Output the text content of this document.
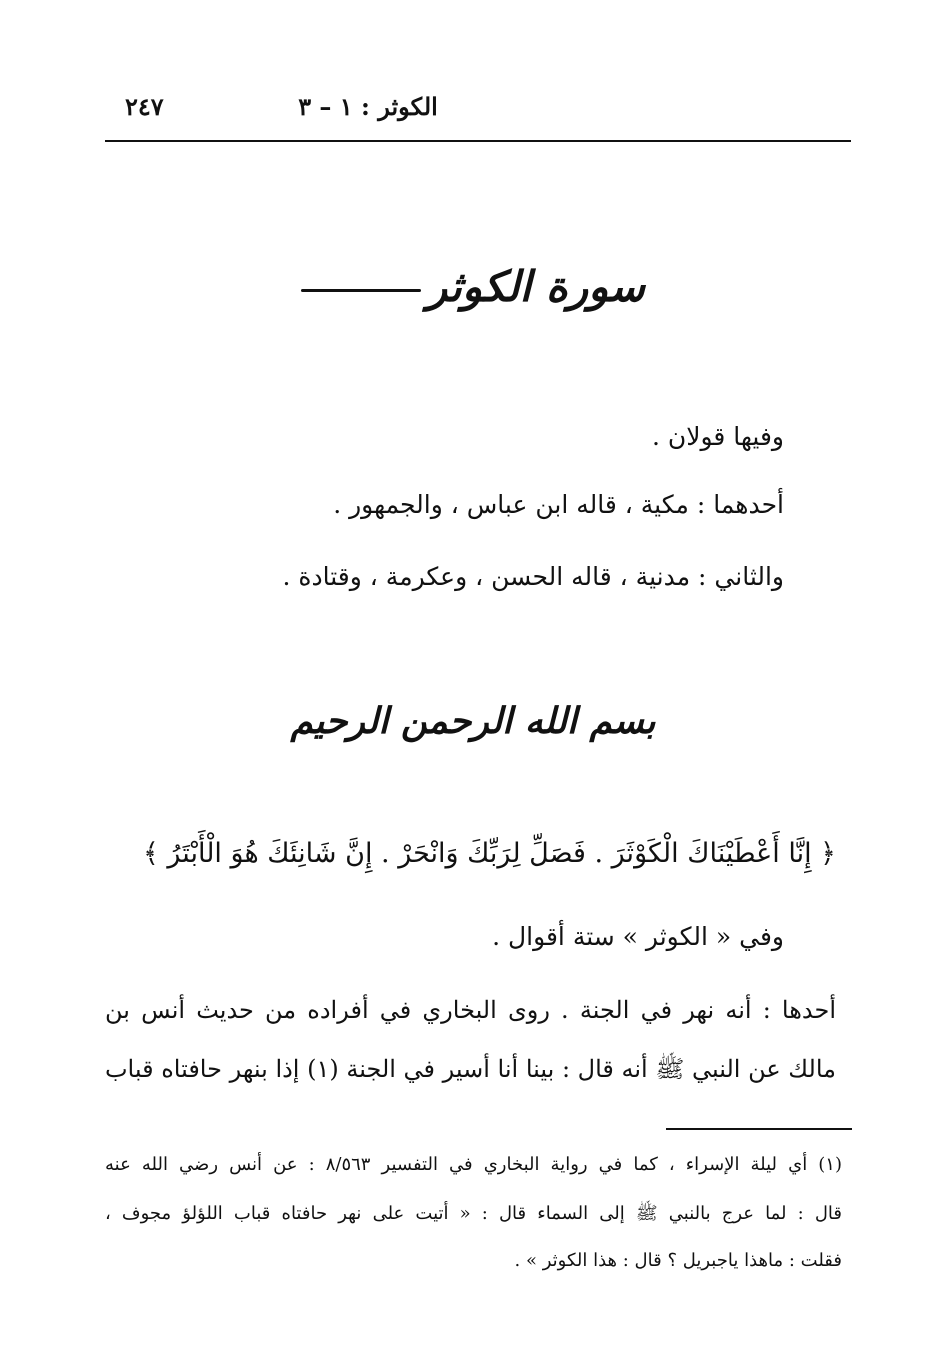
الكوثر : ١ – ٣
٢٤٧
سورة الكوثر
وفيها قولان .
أحدهما : مكية ، قاله ابن عباس ، والجمهور .
والثاني : مدنية ، قاله الحسن ، وعكرمة ، وقتادة .
بسم الله الرحمن الرحيم
﴿ إِنَّا أَعْطَيْنَاكَ الْكَوْثَرَ . فَصَلِّ لِرَبِّكَ وَانْحَرْ . إِنَّ شَانِئَكَ هُوَ الْأَبْتَرُ ﴾
وفي « الكوثر » ستة أقوال .
أحدها : أنه نهر في الجنة . روى البخاري في أفراده من حديث أنس بن
مالك عن النبي ﷺ أنه قال : بينا أنا أسير في الجنة (١) إذا بنهر حافتاه قباب
(١) أي ليلة الإسراء ، كما في رواية البخاري في التفسير ٨/٥٦٣ : عن أنس رضي الله عنه
قال : لما عرج بالنبي ﷺ إلى السماء قال : « أتيت على نهر حافتاه قباب اللؤلؤ مجوف ،
فقلت : ماهذا ياجبريل ؟ قال : هذا الكوثر » .
